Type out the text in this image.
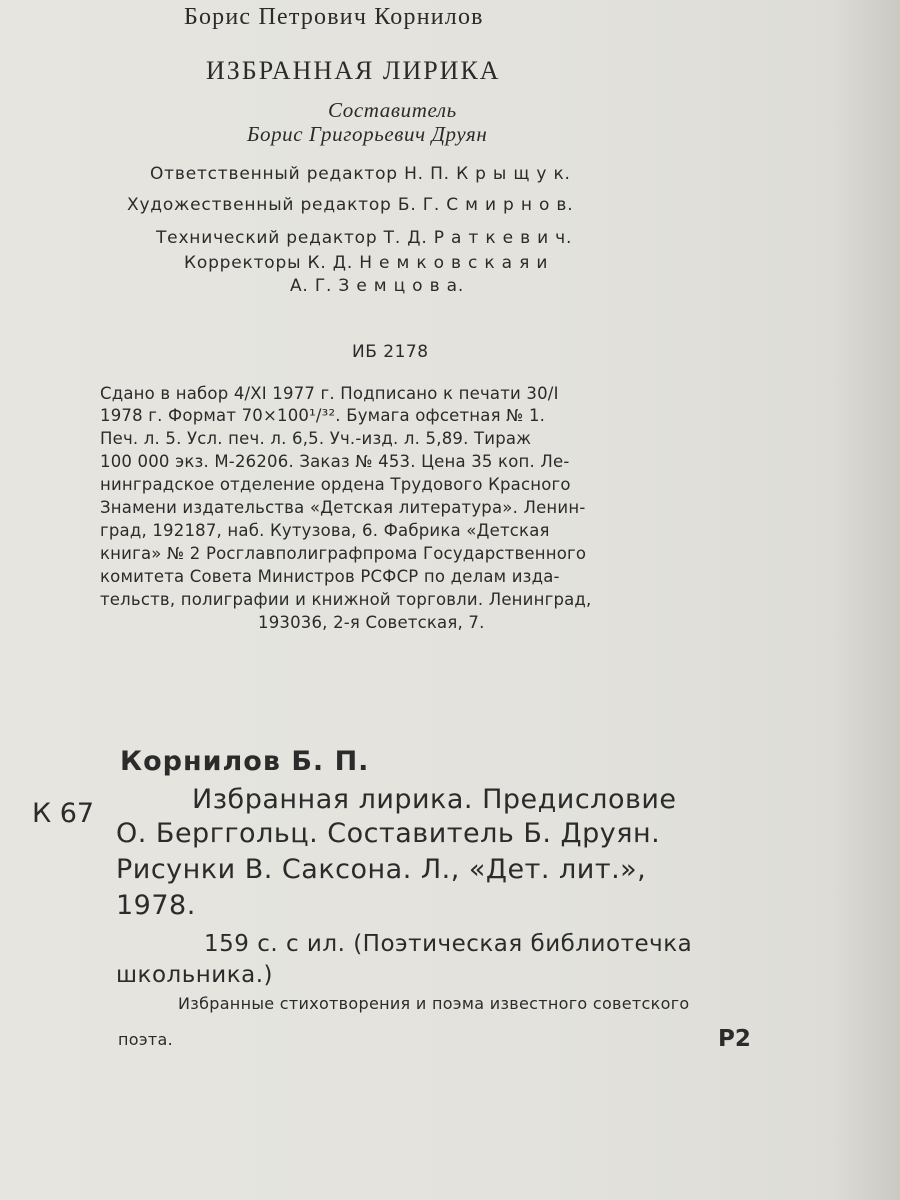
Борис Петрович Корнилов
ИЗБРАННАЯ ЛИРИКА
Составитель
Борис Григорьевич Друян
Ответственный редактор Н. П. К р ы щ у к.
Художественный редактор Б. Г. С м и р н о в.
Технический редактор Т. Д. Р а т к е в и ч.
Корректоры К. Д. Н е м к о в с к а я и
А. Г. З е м ц о в а.
ИБ 2178
Сдано в набор 4/XI 1977 г. Подписано к печати 30/I
1978 г. Формат 70×100¹/³². Бумага офсетная № 1.
Печ. л. 5. Усл. печ. л. 6,5. Уч.-изд. л. 5,89. Тираж
100 000 экз. М-26206. Заказ № 453. Цена 35 коп. Ле-
нинградское отделение ордена Трудового Красного
Знамени издательства «Детская литература». Ленин-
град, 192187, наб. Кутузова, 6. Фабрика «Детская
книга» № 2 Росглавполиграфпрома Государственного
комитета Совета Министров РСФСР по делам изда-
тельств, полиграфии и книжной торговли. Ленинград,
193036, 2-я Советская, 7.
Корнилов Б. П.
К 67	Избранная лирика. Предисловие
О. Берггольц. Составитель Б. Друян.
Рисунки В. Саксона. Л., «Дет. лит.»,
1978.
159 с. с ил. (Поэтическая библиотечка
школьника.)
Избранные стихотворения и поэма известного советского
поэта.	Р2
